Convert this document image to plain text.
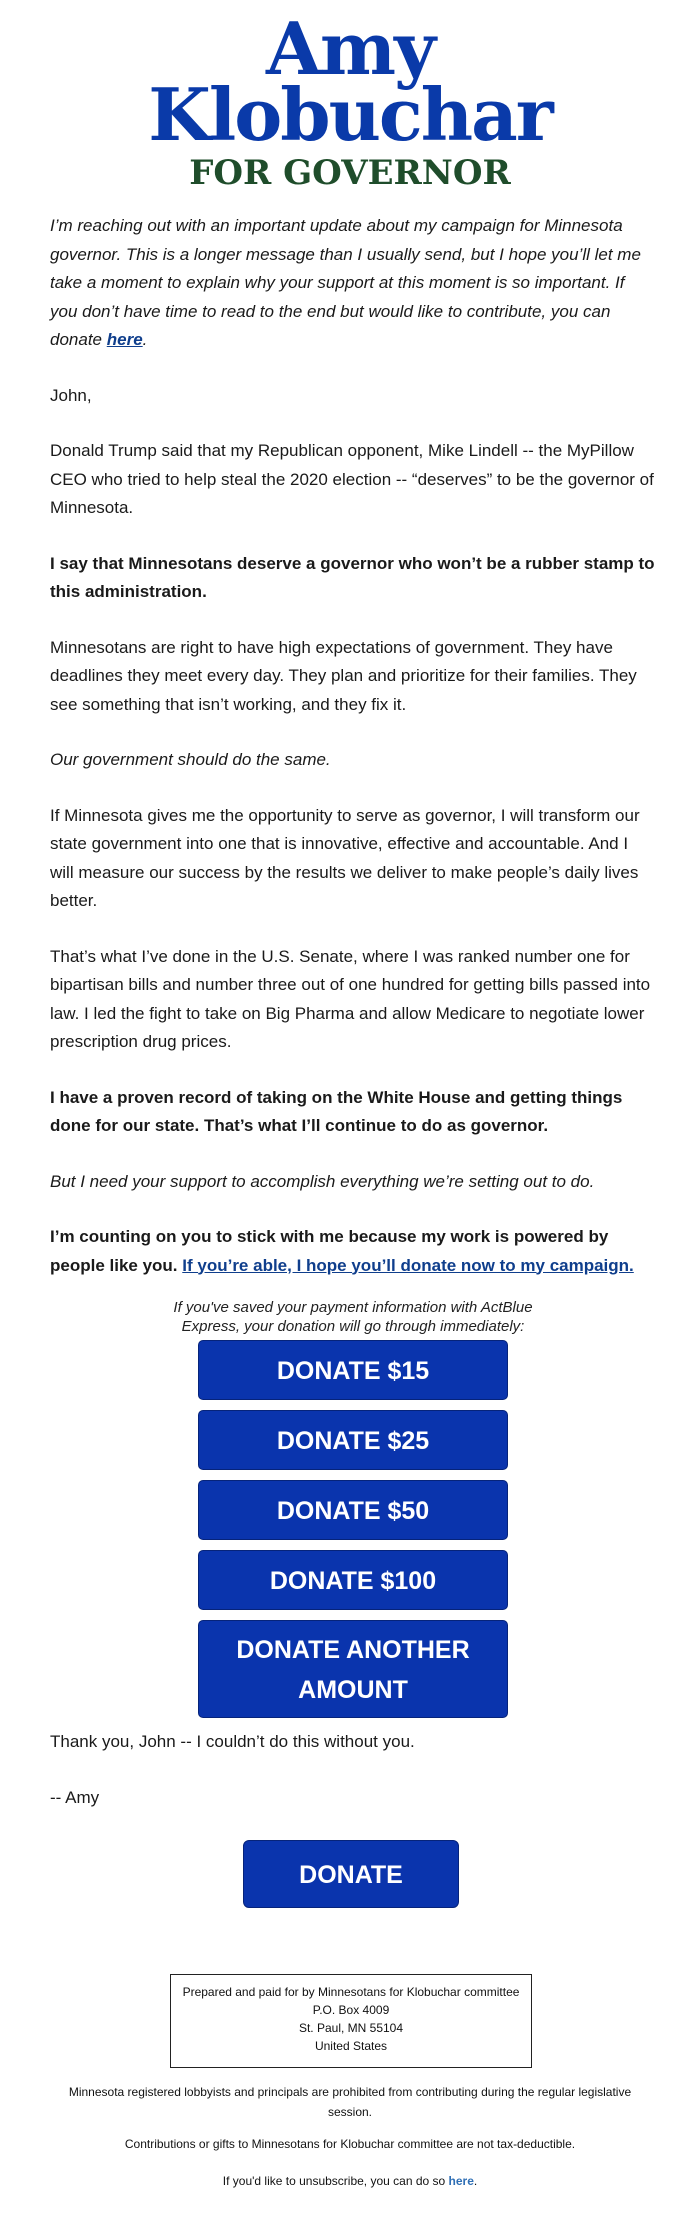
Amy
Klobuchar
FOR GOVERNOR

I’m reaching out with an important update about my campaign for Minnesota governor. This is a longer message than I usually send, but I hope you’ll let me take a moment to explain why your support at this moment is so important. If you don’t have time to read to the end but would like to contribute, you can donate here.

John,

Donald Trump said that my Republican opponent, Mike Lindell -- the MyPillow CEO who tried to help steal the 2020 election -- “deserves” to be the governor of Minnesota.

I say that Minnesotans deserve a governor who won’t be a rubber stamp to this administration.

Minnesotans are right to have high expectations of government. They have deadlines they meet every day. They plan and prioritize for their families. They see something that isn’t working, and they fix it.

Our government should do the same.

If Minnesota gives me the opportunity to serve as governor, I will transform our state government into one that is innovative, effective and accountable. And I will measure our success by the results we deliver to make people’s daily lives better.

That’s what I’ve done in the U.S. Senate, where I was ranked number one for bipartisan bills and number three out of one hundred for getting bills passed into law. I led the fight to take on Big Pharma and allow Medicare to negotiate lower prescription drug prices.

I have a proven record of taking on the White House and getting things done for our state. That’s what I’ll continue to do as governor.

But I need your support to accomplish everything we’re setting out to do.

I’m counting on you to stick with me because my work is powered by people like you. If you’re able, I hope you’ll donate now to my campaign.

If you've saved your payment information with ActBlue Express, your donation will go through immediately:
DONATE $15
DONATE $25
DONATE $50
DONATE $100
DONATE ANOTHER AMOUNT

Thank you, John -- I couldn’t do this without you.

-- Amy

DONATE
Prepared and paid for by Minnesotans for Klobuchar committee
P.O. Box 4009
St. Paul, MN 55104
United States
Minnesota registered lobbyists and principals are prohibited from contributing during the regular legislative session.
Contributions or gifts to Minnesotans for Klobuchar committee are not tax-deductible.
If you'd like to unsubscribe, you can do so here.
